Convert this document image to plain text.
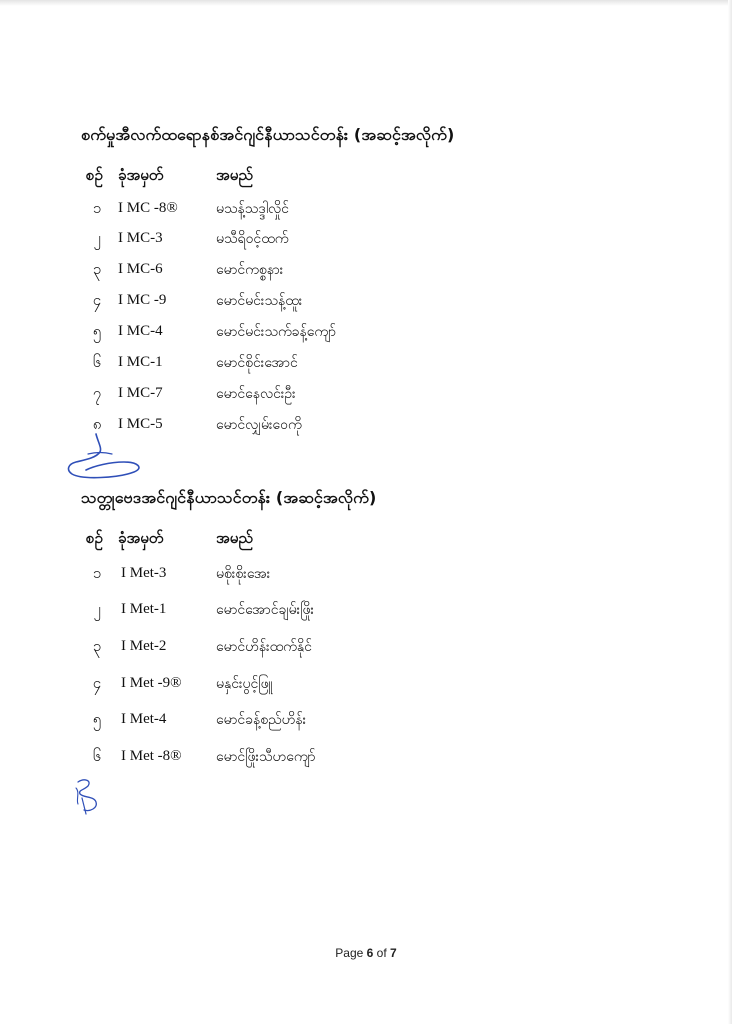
စက်မှုအီလက်ထရောနစ်အင်ဂျင်နီယာသင်တန်း (အဆင့်အလိုက်)
စဥ် ခုံအမှတ်	အမည်
၁	I MC -8®	မသန့်သဒ္ဒါလှိုင်
၂	I MC-3	မသီရိဝင့်ထက်
၃	I MC-6	မောင်ကစ္စနား
၄	I MC -9	မောင်မင်းသန့်ထူး
၅	I MC-4	မောင်မင်းသက်ခန့်ကျော်
၆	I MC-1	မောင်စိုင်းအောင်
၇	I MC-7	မောင်နေလင်းဦး
၈	I MC-5	မောင်လျှမ်းဝေကို
သတ္တုဗေဒအင်ဂျင်နီယာသင်တန်း (အဆင့်အလိုက်)
စဥ် ခုံအမှတ်	အမည်
၁	I Met-3	မစိုးစိုးအေး
၂	I Met-1	မောင်အောင်ချမ်းဖြိုး
၃	I Met-2	မောင်ဟိန်းထက်နိုင်
၄	I Met -9® မနှင်းပွင့်ဖြူ
၅	I Met-4	မောင်ခန့်စည်ဟိန်း
၆	I Met -8® မောင်ဖြိုးသီဟကျော်
Page 6 of 7
